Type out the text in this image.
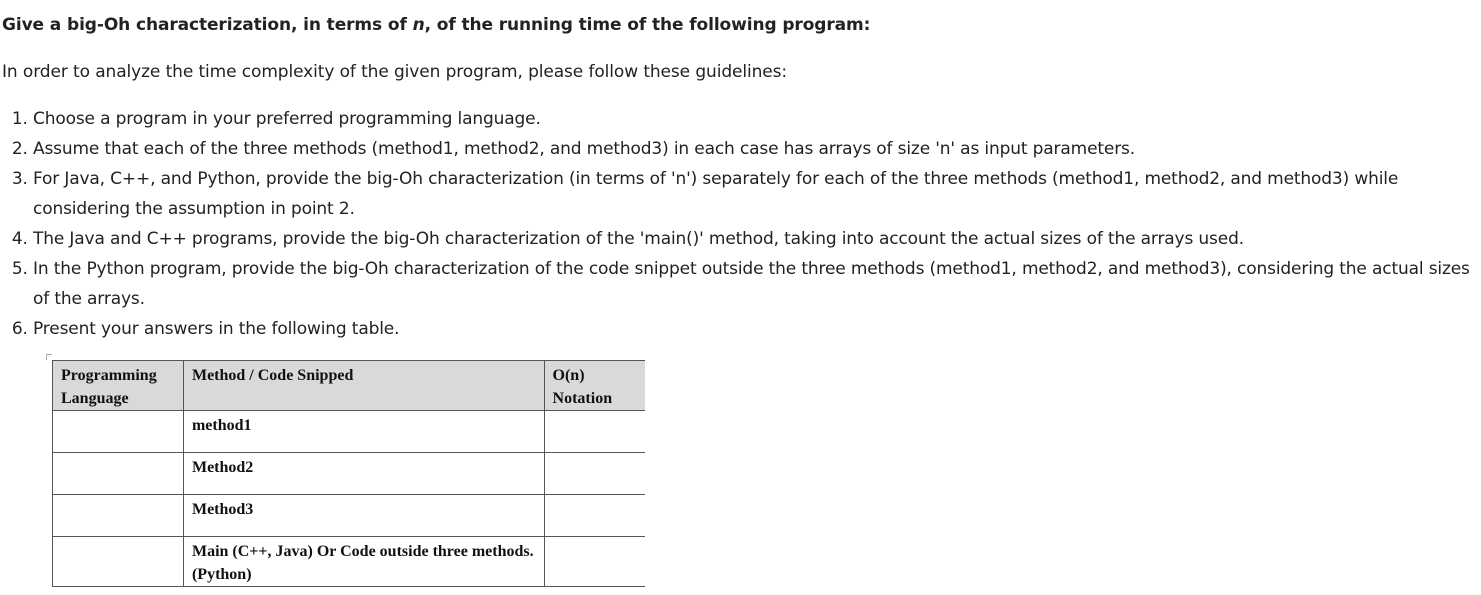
Give a big-Oh characterization, in terms of n, of the running time of the following program:
In order to analyze the time complexity of the given program, please follow these guidelines:
1. Choose a program in your preferred programming language.
2. Assume that each of the three methods (method1, method2, and method3) in each case has arrays of size 'n' as input parameters.
3. For Java, C++, and Python, provide the big-Oh characterization (in terms of 'n') separately for each of the three methods (method1, method2, and method3) while considering the assumption in point 2.
4. The Java and C++ programs, provide the big-Oh characterization of the 'main()' method, taking into account the actual sizes of the arrays used.
5. In the Python program, provide the big-Oh characterization of the code snippet outside the three methods (method1, method2, and method3), considering the actual sizes of the arrays.
6. Present your answers in the following table.
Programming Language	Method / Code Snipped	O(n) Notation
	method1	
	Method2	
	Method3	
	Main (C++, Java) Or Code outside three methods. (Python)	
